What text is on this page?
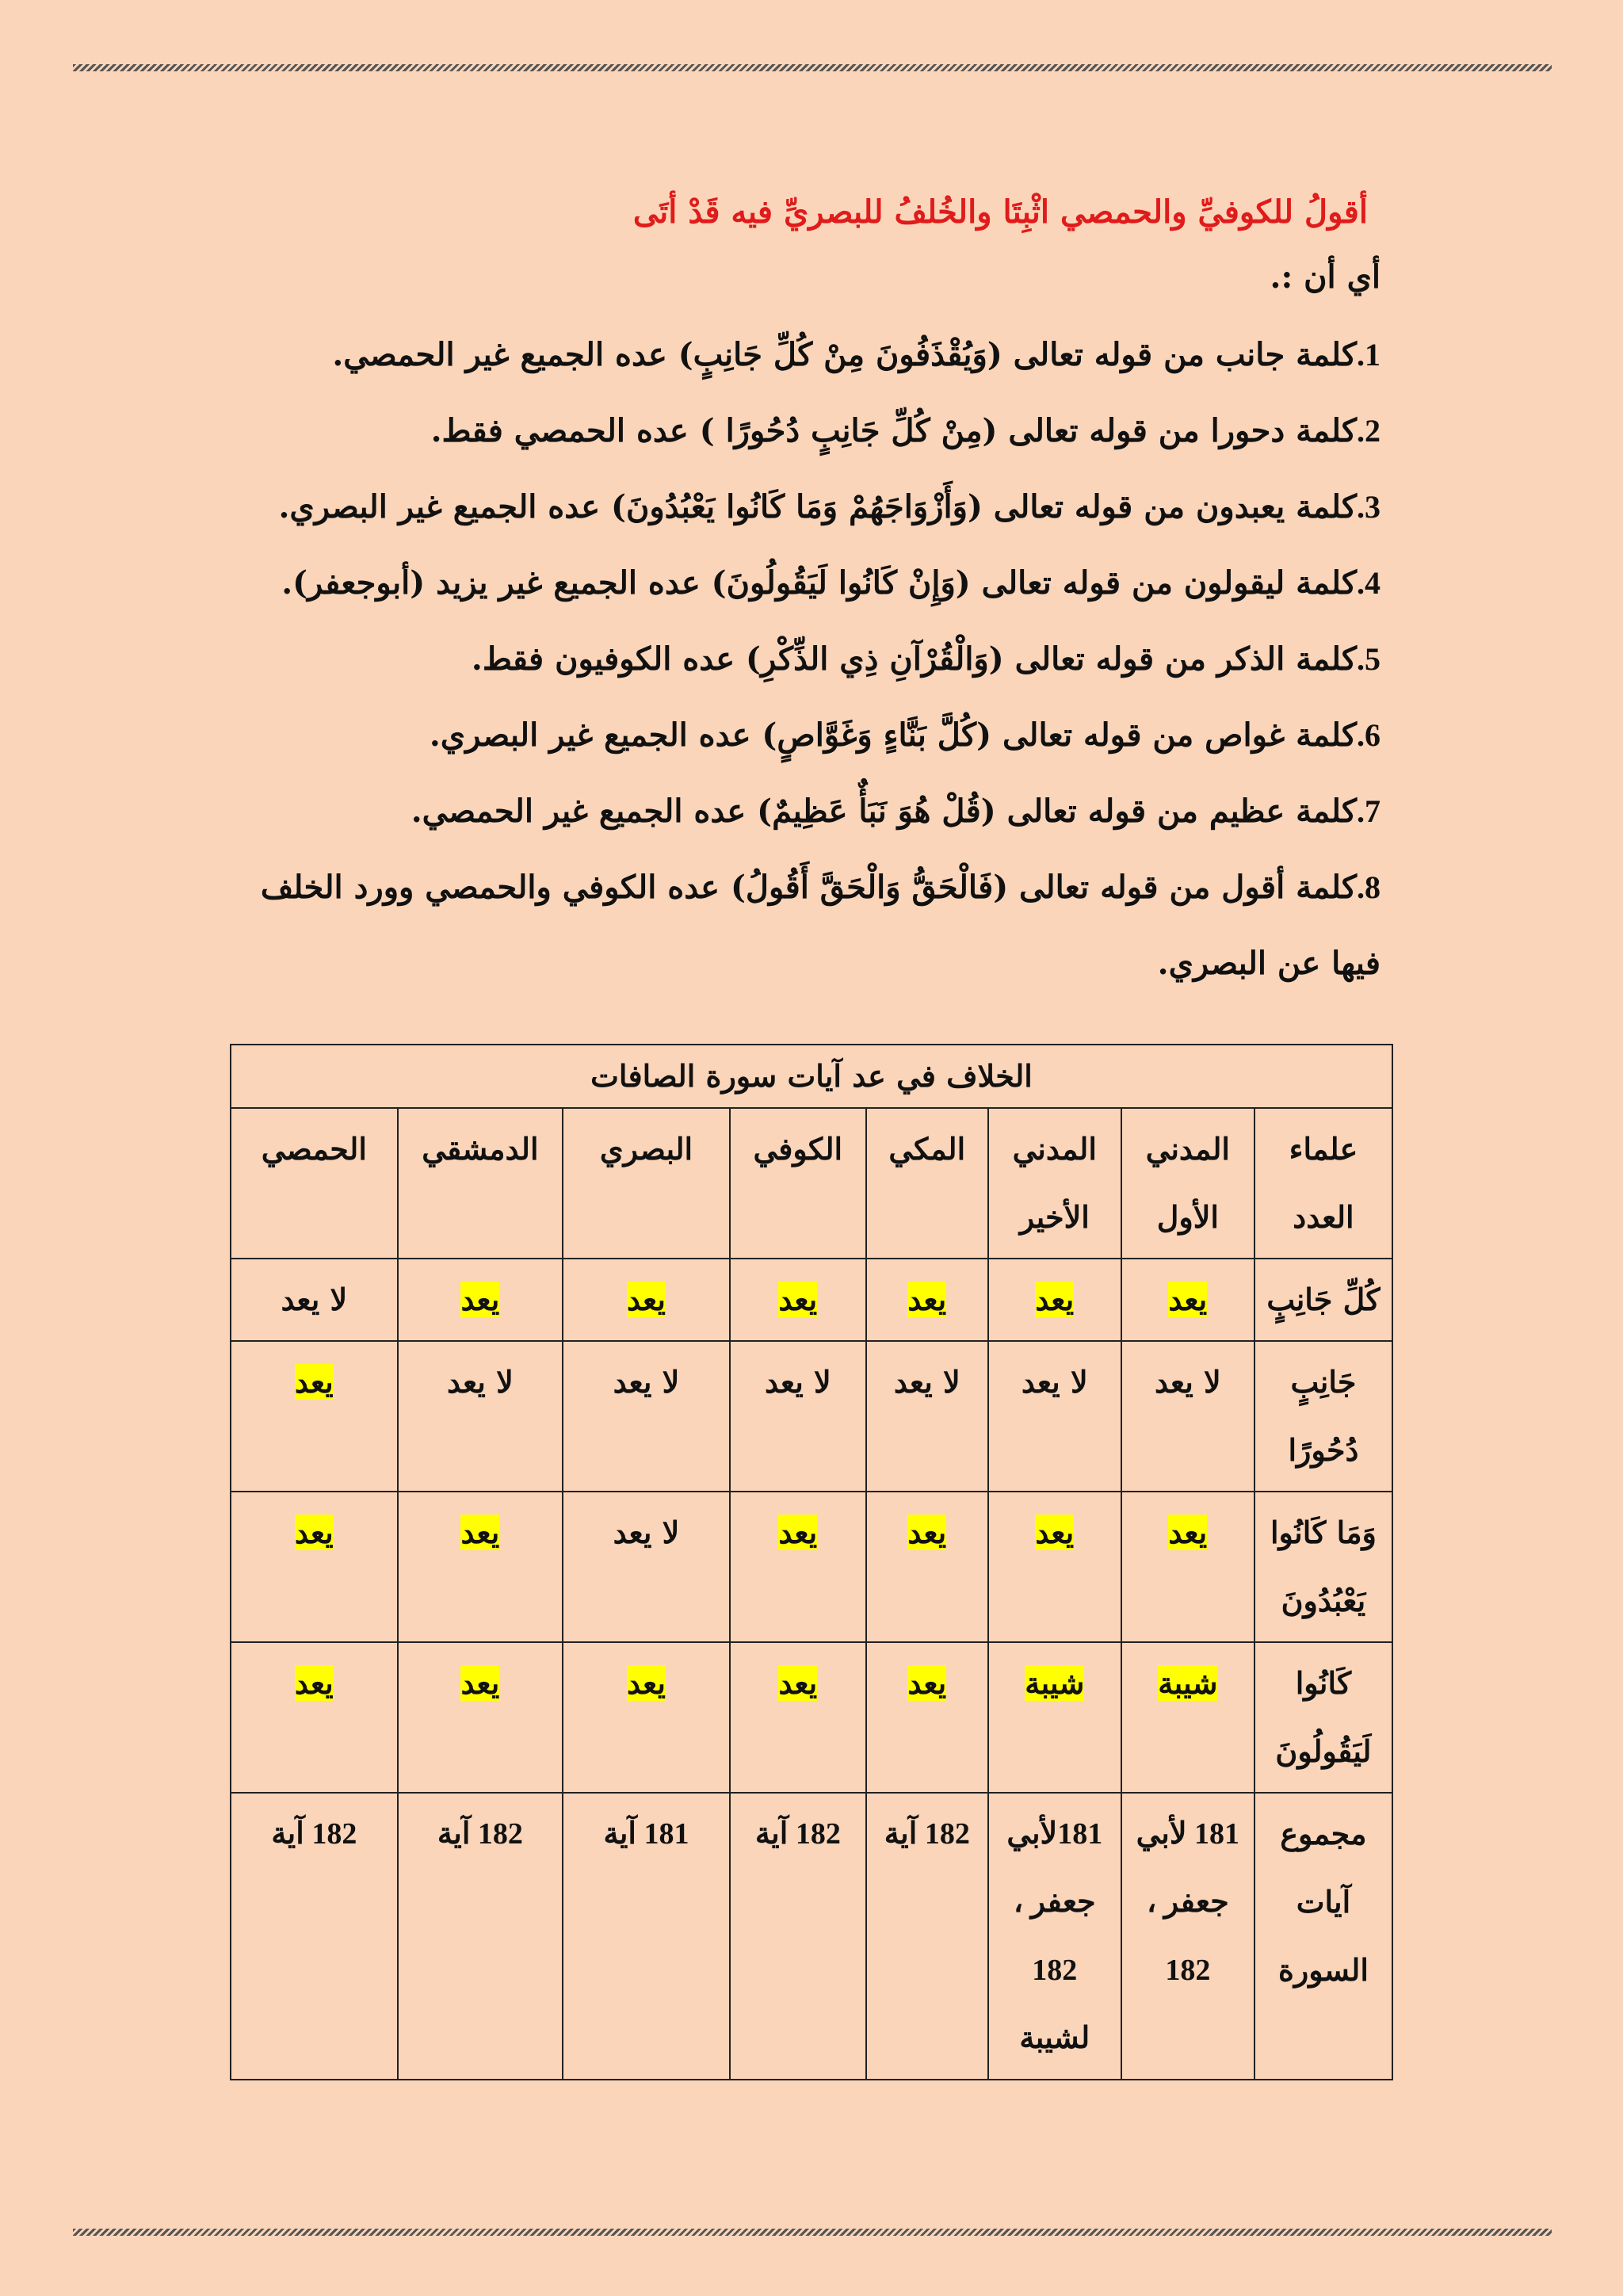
أقولُ للكوفيِّ والحمصي اثْبِتَا والخُلفُ للبصريِّ فيه قَدْ أتَى

أي أن :.

1.كلمة جانب من قوله تعالى (وَيُقْذَفُونَ مِنْ كُلِّ جَانِبٍ) عده الجميع غير الحمصي.
2.كلمة دحورا من قوله تعالى (مِنْ كُلِّ جَانِبٍ دُحُورًا ) عده الحمصي فقط.
3.كلمة يعبدون من قوله تعالى (وَأَزْوَاجَهُمْ وَمَا كَانُوا يَعْبُدُونَ) عده الجميع غير البصري.
4.كلمة ليقولون من قوله تعالى (وَإِنْ كَانُوا لَيَقُولُونَ) عده الجميع غير يزيد (أبوجعفر).
5.كلمة الذكر من قوله تعالى (وَالْقُرْآنِ ذِي الذِّكْرِ) عده الكوفيون فقط.
6.كلمة غواص من قوله تعالى (كُلَّ بَنَّاءٍ وَغَوَّاصٍ) عده الجميع غير البصري.
7.كلمة عظيم من قوله تعالى (قُلْ هُوَ نَبَأٌ عَظِيمٌ) عده الجميع غير الحمصي.
8.كلمة أقول من قوله تعالى (فَالْحَقُّ وَالْحَقَّ أَقُولُ) عده الكوفي والحمصي وورد الخلف فيها عن البصري.
الخلاف في عد آيات سورة الصافات							
علماء العدد	المدني الأول	المدني الأخير	المكي	الكوفي	البصري	الدمشقي	الحمصي
كُلِّ جَانِبٍ	يعد	يعد	يعد	يعد	يعد	يعد	لا يعد
جَانِبٍ دُحُورًا	لا يعد	لا يعد	لا يعد	لا يعد	لا يعد	لا يعد	يعد
وَمَا كَانُوا يَعْبُدُونَ	يعد	يعد	يعد	يعد	لا يعد	يعد	يعد
كَانُوا لَيَقُولُونَ	شيبة	شيبة	يعد	يعد	يعد	يعد	يعد
مجموع آيات السورة	181 لأبي جعفر ، 182	181لأبي جعفر ، 182 لشيبة	182 آية	182 آية	181 آية	182 آية	182 آية
